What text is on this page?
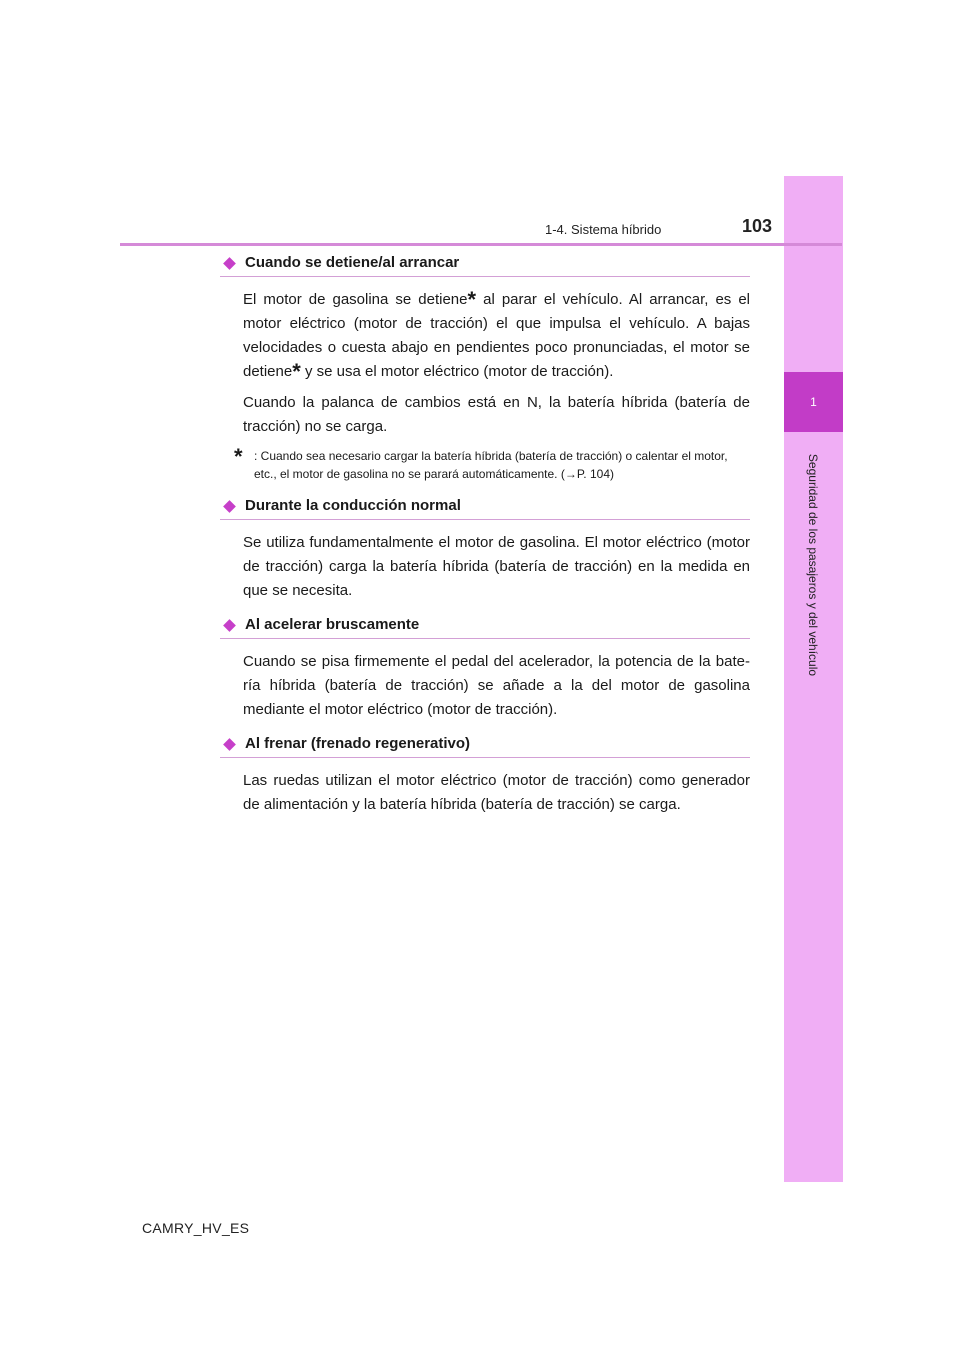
1
Seguridad de los pasajeros y del vehículo
1-4. Sistema híbrido	103
Cuando se detiene/al arrancar

El motor de gasolina se detiene* al parar el vehículo. Al arrancar, es el motor eléctrico (motor de tracción) el que impulsa el vehículo. A bajas velocidades o cuesta abajo en pendientes poco pronunciadas, el motor se detiene* y se usa el motor eléctrico (motor de tracción).

Cuando la palanca de cambios está en N, la batería híbrida (batería de tracción) no se carga.

* : Cuando sea necesario cargar la batería híbrida (batería de tracción) o calentar el motor, etc., el motor de gasolina no se parará automáticamente. (→P. 104)

Durante la conducción normal

Se utiliza fundamentalmente el motor de gasolina. El motor eléctrico (motor de tracción) carga la batería híbrida (batería de tracción) en la medida en que se necesita.

Al acelerar bruscamente

Cuando se pisa firmemente el pedal del acelerador, la potencia de la bate-ría híbrida (batería de tracción) se añade a la del motor de gasolina mediante el motor eléctrico (motor de tracción).

Al frenar (frenado regenerativo)

Las ruedas utilizan el motor eléctrico (motor de tracción) como generador de alimentación y la batería híbrida (batería de tracción) se carga.

CAMRY_HV_ES
